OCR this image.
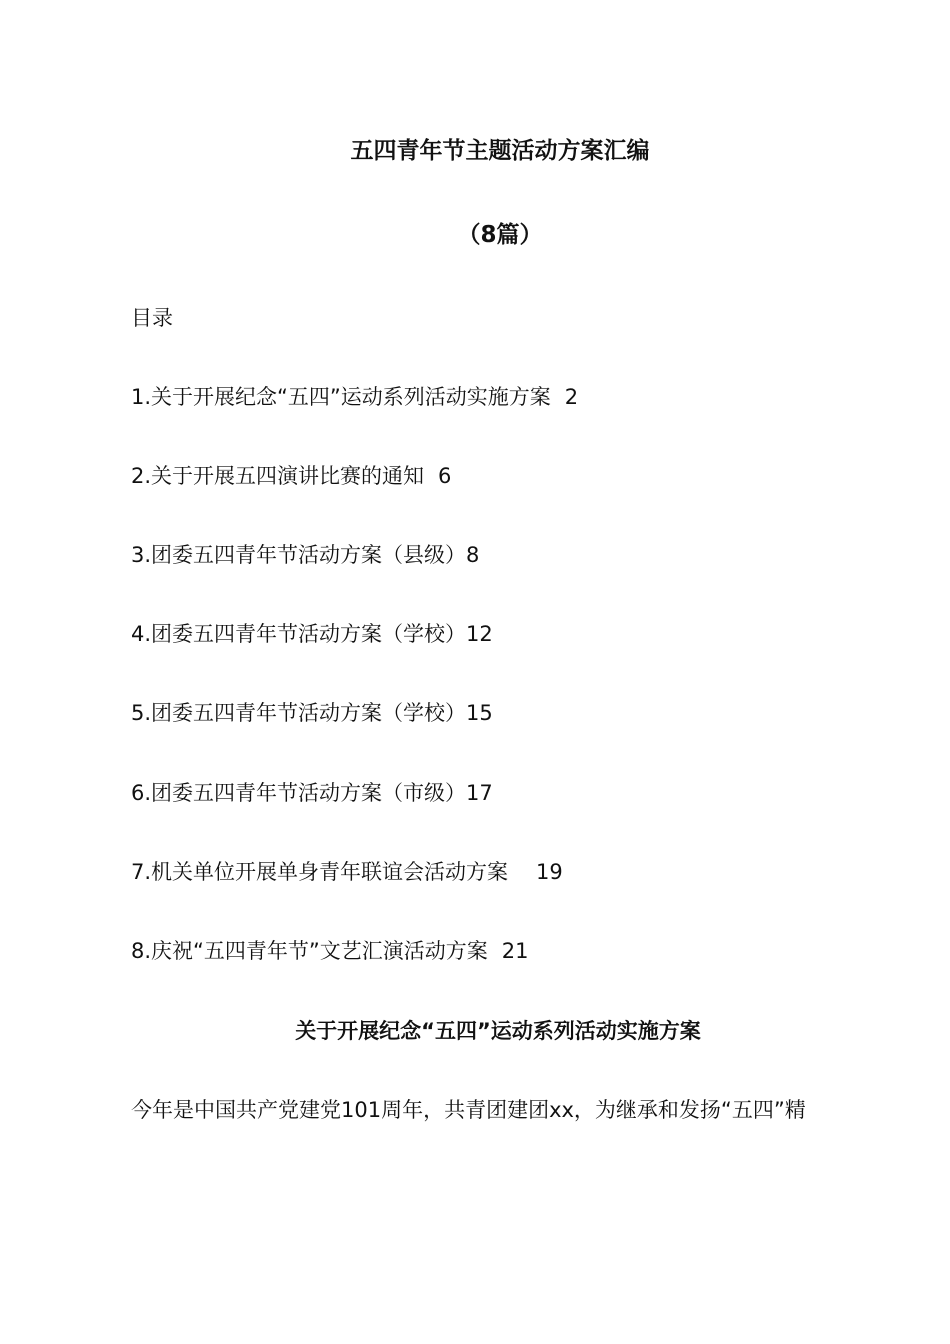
五四青年节主题活动方案汇编
（8篇）
目录
1.关于开展纪念“五四”运动系列活动实施方案 2
2.关于开展五四演讲比赛的通知 6
3.团委五四青年节活动方案（县级）8
4.团委五四青年节活动方案（学校）12
5.团委五四青年节活动方案（学校）15
6.团委五四青年节活动方案（市级）17
7.机关单位开展单身青年联谊会活动方案 19
8.庆祝“五四青年节”文艺汇演活动方案 21
关于开展纪念“五四”运动系列活动实施方案
今年是中国共产党建党101周年，共青团建团xx，为继承和发扬“五四”精
